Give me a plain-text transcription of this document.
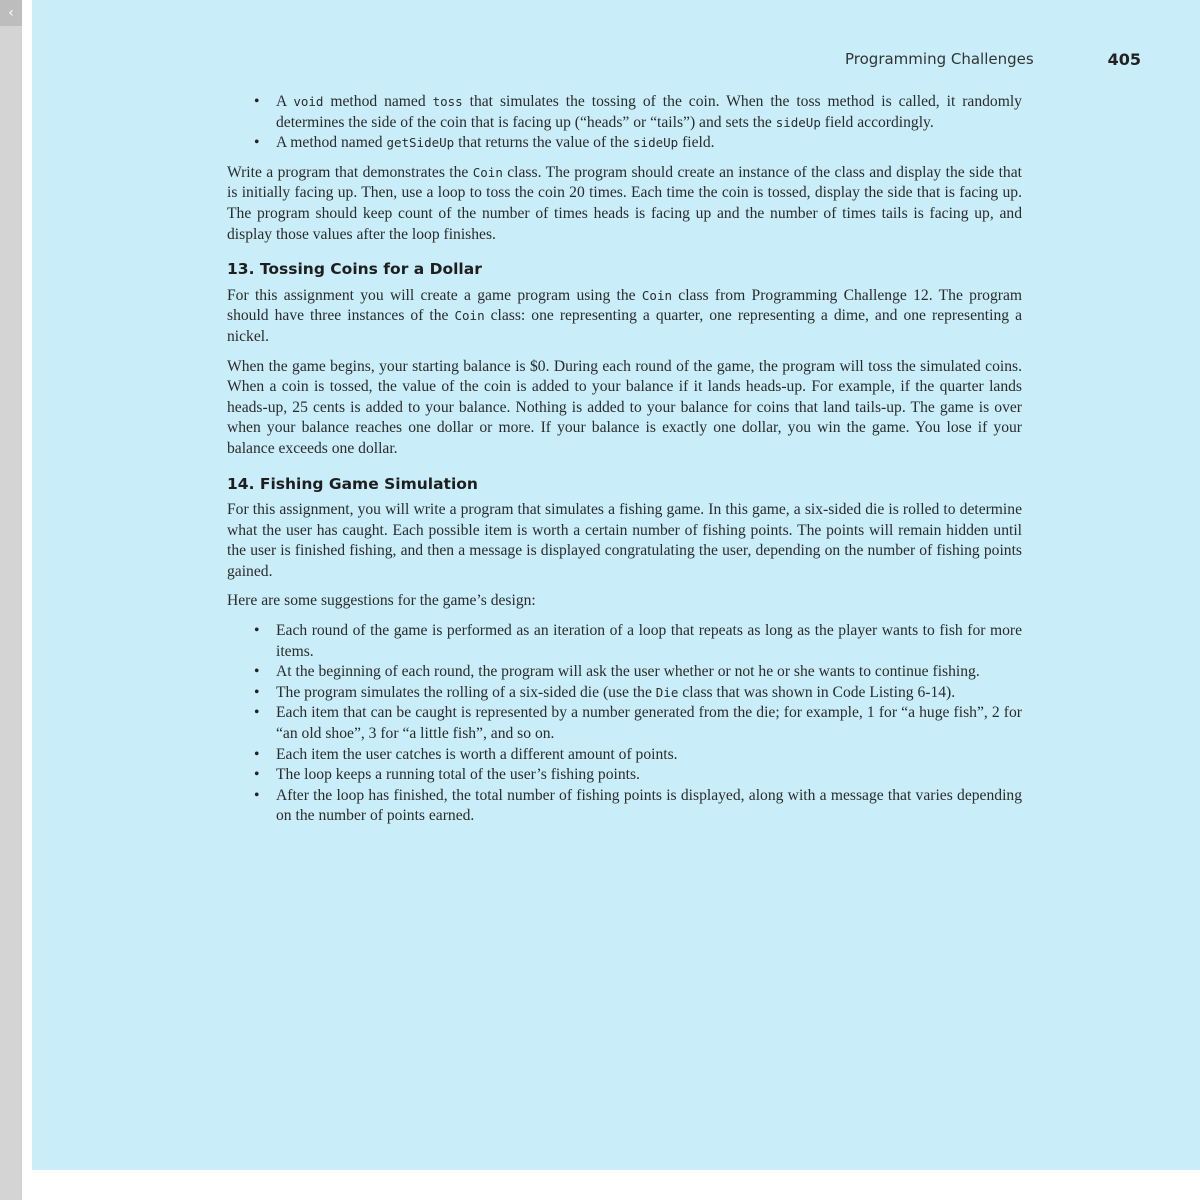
‹
Programming Challenges	405
• A void method named toss that simulates the tossing of the coin. When the toss method is called, it randomly determines the side of the coin that is facing up (“heads” or “tails”) and sets the sideUp field accordingly.
• A method named getSideUp that returns the value of the sideUp field.

Write a program that demonstrates the Coin class. The program should create an instance of the class and display the side that is initially facing up. Then, use a loop to toss the coin 20 times. Each time the coin is tossed, display the side that is facing up. The program should keep count of the number of times heads is facing up and the number of times tails is facing up, and display those values after the loop finishes.

13. Tossing Coins for a Dollar

For this assignment you will create a game program using the Coin class from Programming Challenge 12. The program should have three instances of the Coin class: one representing a quarter, one representing a dime, and one representing a nickel.

When the game begins, your starting balance is $0. During each round of the game, the program will toss the simulated coins. When a coin is tossed, the value of the coin is added to your balance if it lands heads-up. For example, if the quarter lands heads-up, 25 cents is added to your balance. Nothing is added to your balance for coins that land tails-up. The game is over when your balance reaches one dollar or more. If your balance is exactly one dollar, you win the game. You lose if your balance exceeds one dollar.

14. Fishing Game Simulation

For this assignment, you will write a program that simulates a fishing game. In this game, a six-sided die is rolled to determine what the user has caught. Each possible item is worth a certain number of fishing points. The points will remain hidden until the user is finished fishing, and then a message is displayed congratulating the user, depending on the number of fishing points gained.

Here are some suggestions for the game’s design:

• Each round of the game is performed as an iteration of a loop that repeats as long as the player wants to fish for more items.
• At the beginning of each round, the program will ask the user whether or not he or she wants to continue fishing.
• The program simulates the rolling of a six-sided die (use the Die class that was shown in Code Listing 6-14).
• Each item that can be caught is represented by a number generated from the die; for example, 1 for “a huge fish”, 2 for “an old shoe”, 3 for “a little fish”, and so on.
• Each item the user catches is worth a different amount of points.
• The loop keeps a running total of the user’s fishing points.
• After the loop has finished, the total number of fishing points is displayed, along with a message that varies depending on the number of points earned.
